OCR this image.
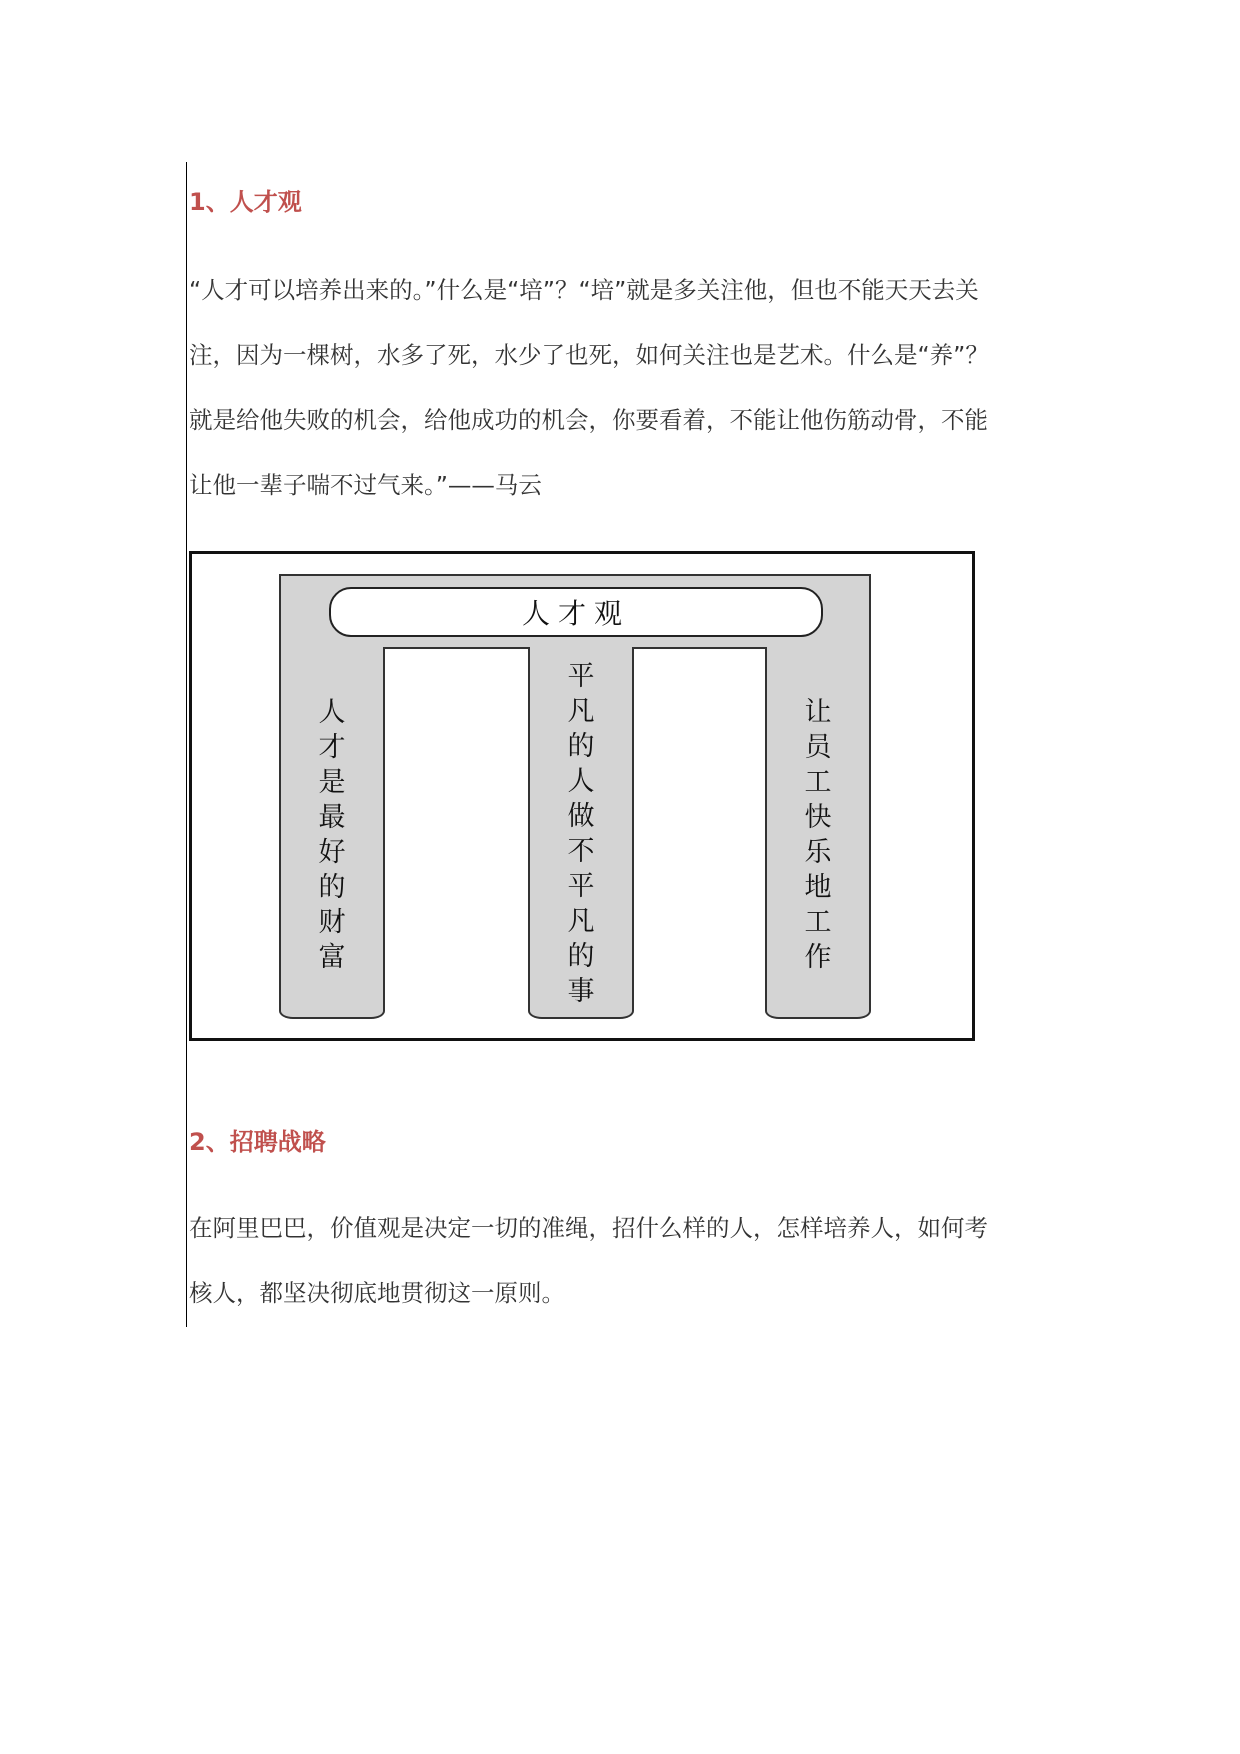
1、人才观
“人才可以培养出来的。”什么是“培”？“培”就是多关注他，但也不能天天去关
注，因为一棵树，水多了死，水少了也死，如何关注也是艺术。什么是“养”？
就是给他失败的机会，给他成功的机会，你要看着，不能让他伤筋动骨，不能
让他一辈子喘不过气来。”——马云
人才观
人
才
是
最
好
的
财
富
平
凡
的
人
做
不
平
凡
的
事
让
员
工
快
乐
地
工
作
2、招聘战略
在阿里巴巴，价值观是决定一切的准绳，招什么样的人，怎样培养人，如何考
核人，都坚决彻底地贯彻这一原则。
